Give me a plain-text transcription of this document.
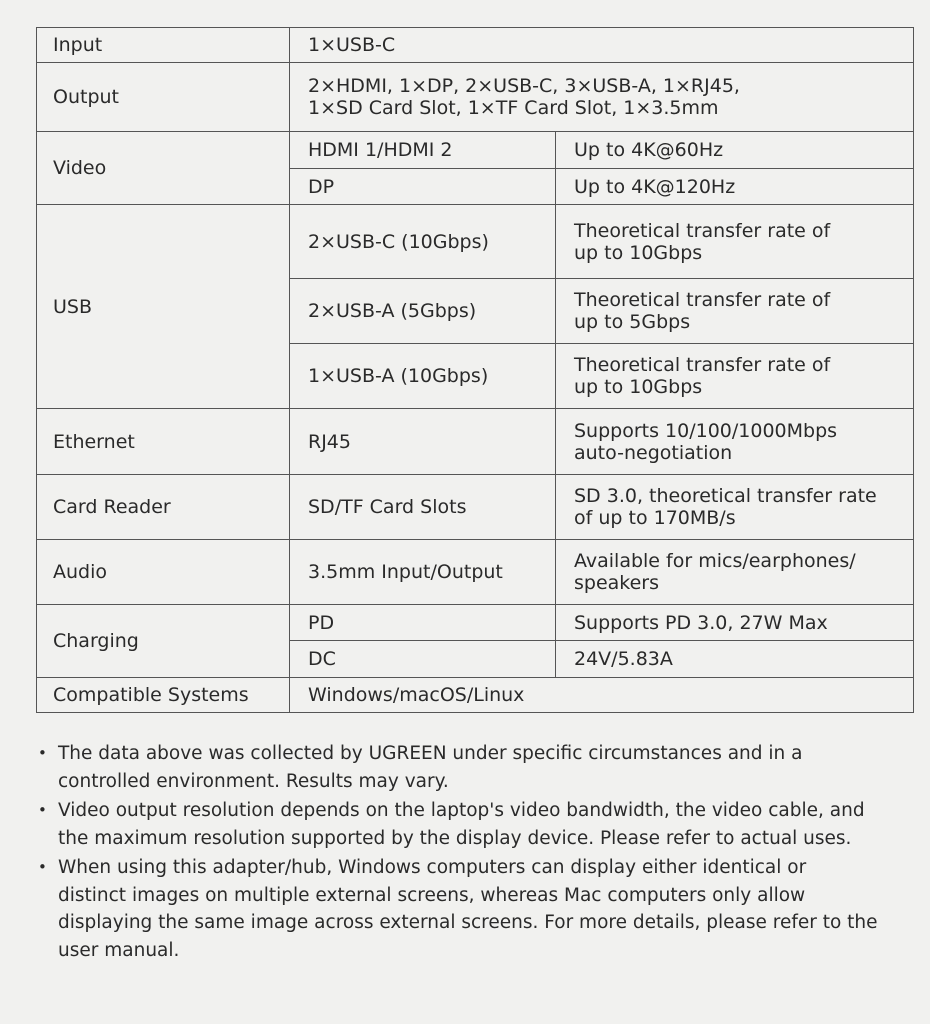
Input	1×USB-C	
Output	2×HDMI, 1×DP, 2×USB-C, 3×USB-A, 1×RJ45,
1×SD Card Slot, 1×TF Card Slot, 1×3.5mm	

Video	HDMI 1/HDMI 2	Up to 4K@60Hz
	DP	Up to 4K@120Hz
USB	2×USB-C (10Gbps)	Theoretical transfer rate of
up to 10Gbps

	2×USB-A (5Gbps)	Theoretical transfer rate of
up to 5Gbps

	1×USB-A (10Gbps)	Theoretical transfer rate of
up to 10Gbps

Ethernet	RJ45	Supports 10/100/1000Mbps
auto-negotiation

Card Reader	SD/TF Card Slots	SD 3.0, theoretical transfer rate
of up to 170MB/s

Audio	3.5mm Input/Output	Available for mics/earphones/
speakers

Charging	PD	Supports PD 3.0, 27W Max
	DC	24V/5.83A
Compatible Systems	Windows/macOS/Linux	
• The data above was collected by UGREEN under specific circumstances and in a
controlled environment. Results may vary.
• Video output resolution depends on the laptop's video bandwidth, the video cable, and
the maximum resolution supported by the display device. Please refer to actual uses.
• When using this adapter/hub, Windows computers can display either identical or
distinct images on multiple external screens, whereas Mac computers only allow
displaying the same image across external screens. For more details, please refer to the
user manual.
